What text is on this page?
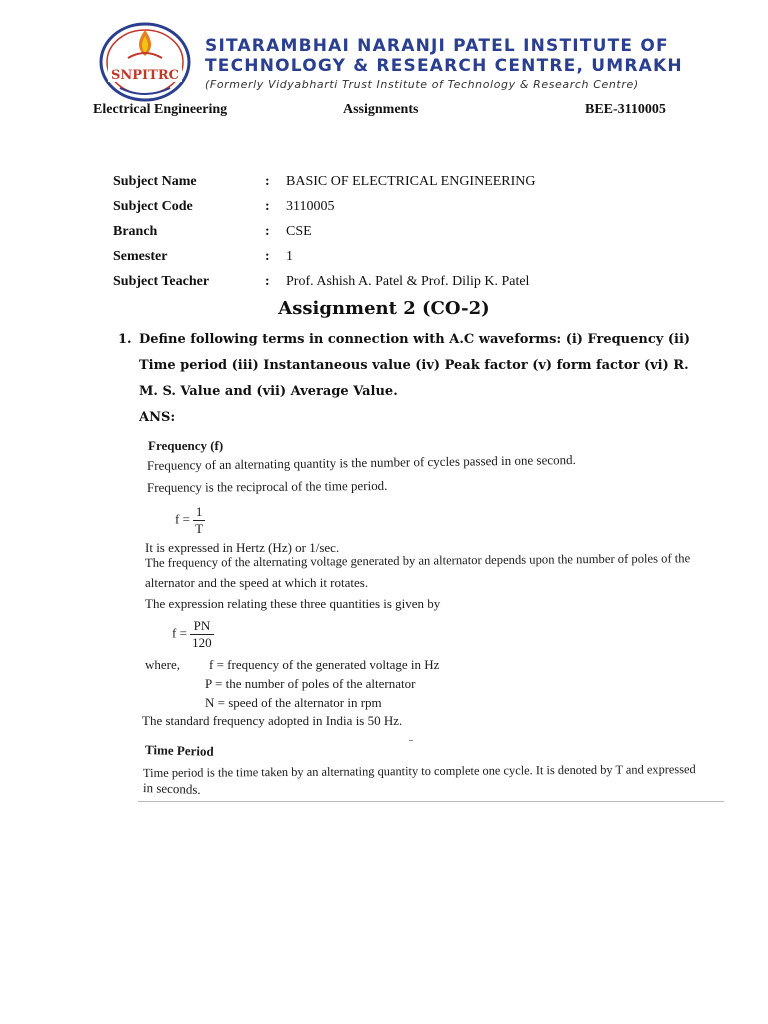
SNPITRC
SITARAMBHAI NARANJI PATEL INSTITUTE OF
TECHNOLOGY & RESEARCH CENTRE, UMRAKH
(Formerly Vidyabharti Trust Institute of Technology & Research Centre)
Electrical Engineering	Assignments	BEE-3110005
Subject Name	: BASIC OF ELECTRICAL ENGINEERING
Subject Code	: 3110005
Branch	: CSE
Semester	: 1
Subject Teacher	: Prof. Ashish A. Patel & Prof. Dilip K. Patel
Assignment 2 (CO-2)
1. Define following terms in connection with A.C waveforms: (i) Frequency (ii)
Time period (iii) Instantaneous value (iv) Peak factor (v) form factor (vi) R.
M. S. Value and (vii) Average Value.
ANS:
Frequency (f)
Frequency of an alternating quantity is the number of cycles passed in one second.
Frequency is the reciprocal of the time period.
$f = \frac{1}{T}$
It is expressed in Hertz (Hz) or 1/sec.
The frequency of the alternating voltage generated by an alternator depends upon the number of poles of the
alternator and the speed at which it rotates.
The expression relating these three quantities is given by
$f = \frac{PN}{120}$
where, f = frequency of the generated voltage in Hz
P = the number of poles of the alternator
N = speed of the alternator in rpm
The standard frequency adopted in India is 50 Hz.
Time Period
Time period is the time taken by an alternating quantity to complete one cycle. It is denoted by T and expressed
in seconds.
